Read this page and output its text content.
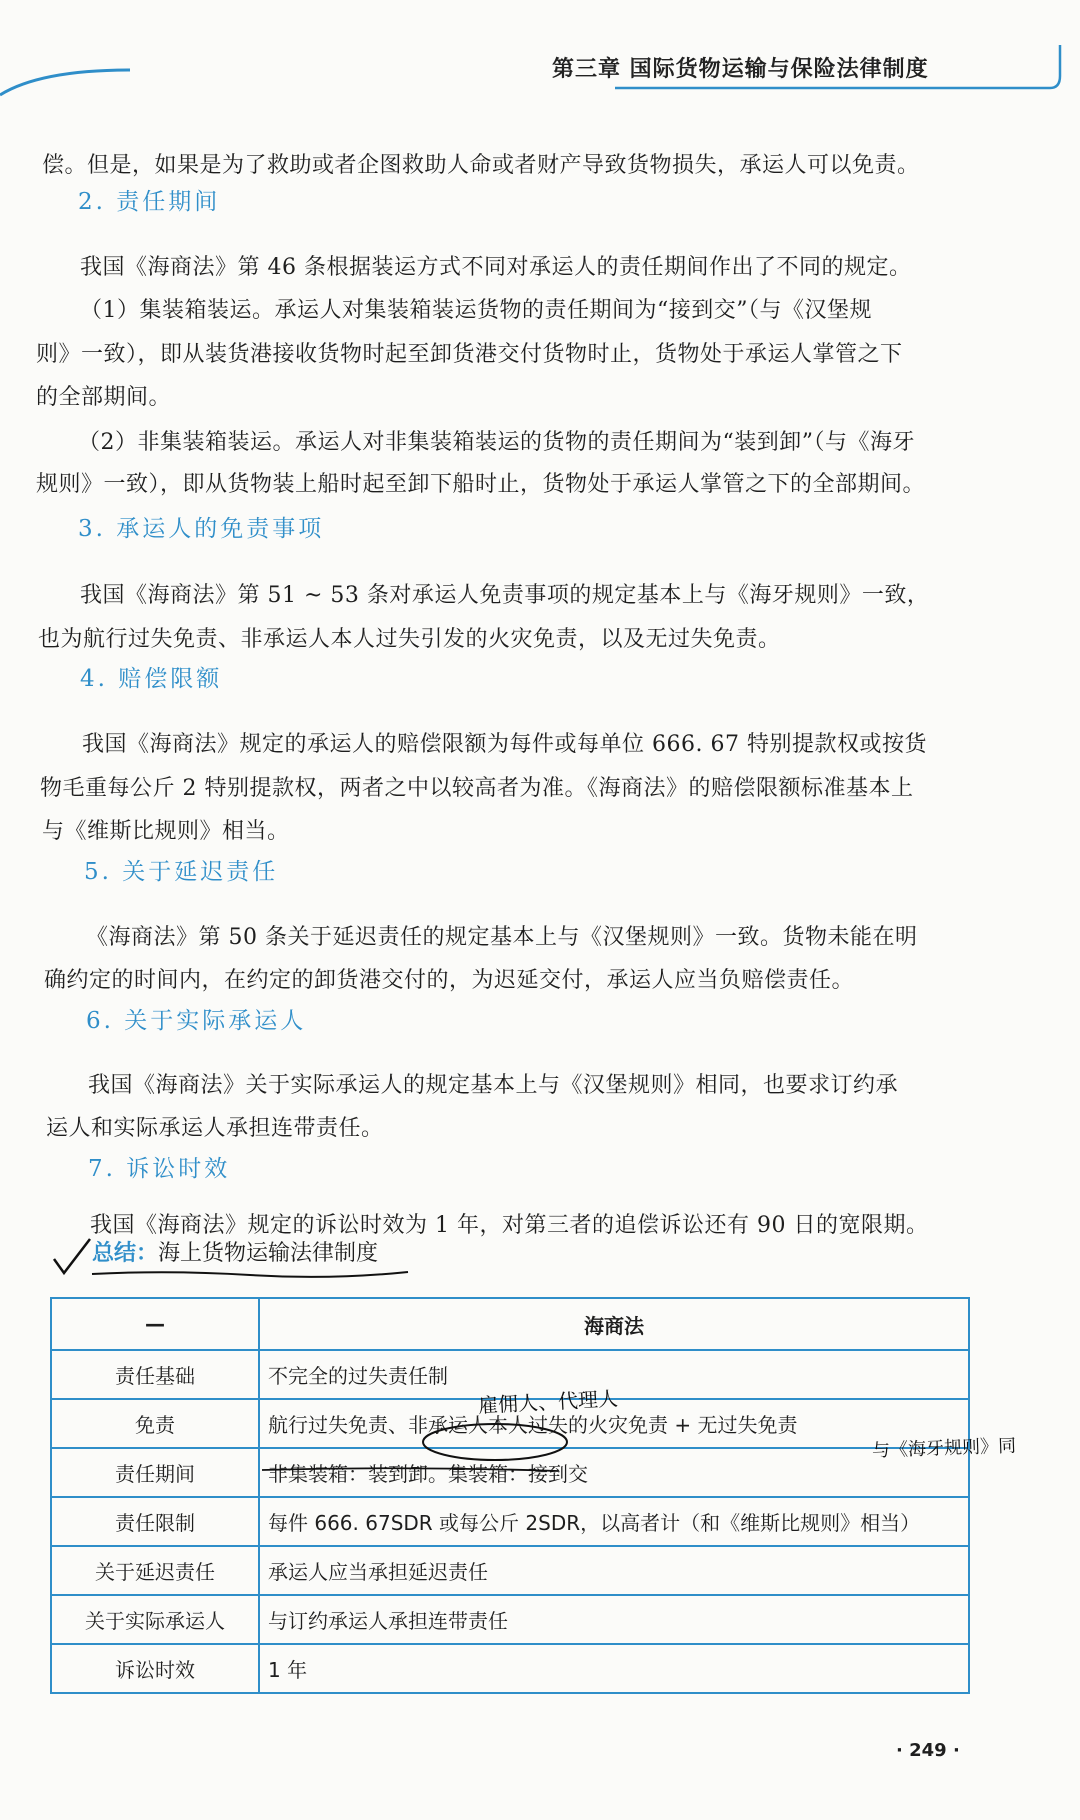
第三章 国际货物运输与保险法律制度
偿。但是，如果是为了救助或者企图救助人命或者财产导致货物损失，承运人可以免责。
2. 责任期间
我国《海商法》第 46 条根据装运方式不同对承运人的责任期间作出了不同的规定。
（1）集装箱装运。承运人对集装箱装运货物的责任期间为“接到交”（与《汉堡规
则》一致），即从装货港接收货物时起至卸货港交付货物时止，货物处于承运人掌管之下
的全部期间。
（2）非集装箱装运。承运人对非集装箱装运的货物的责任期间为“装到卸”（与《海牙
规则》一致），即从货物装上船时起至卸下船时止，货物处于承运人掌管之下的全部期间。
3. 承运人的免责事项
我国《海商法》第 51 ~ 53 条对承运人免责事项的规定基本上与《海牙规则》一致，
也为航行过失免责、非承运人本人过失引发的火灾免责，以及无过失免责。
4. 赔偿限额
我国《海商法》规定的承运人的赔偿限额为每件或每单位 666. 67 特别提款权或按货
物毛重每公斤 2 特别提款权，两者之中以较高者为准。《海商法》的赔偿限额标准基本上
与《维斯比规则》相当。
5. 关于延迟责任
《海商法》第 50 条关于延迟责任的规定基本上与《汉堡规则》一致。货物未能在明
确约定的时间内，在约定的卸货港交付的，为迟延交付，承运人应当负赔偿责任。
6. 关于实际承运人
我国《海商法》关于实际承运人的规定基本上与《汉堡规则》相同，也要求订约承
运人和实际承运人承担连带责任。
7. 诉讼时效
我国《海商法》规定的诉讼时效为 1 年，对第三者的追偿诉讼还有 90 日的宽限期。
总结：海上货物运输法律制度
—	海商法
责任基础	不完全的过失责任制
免责	航行过失免责、非承运人本人过失的火灾免责 + 无过失免责
责任期间	非集装箱：装到卸。集装箱：接到交
责任限制	每件 666. 67SDR 或每公斤 2SDR，以高者计（和《维斯比规则》相当）
关于延迟责任	承运人应当承担延迟责任
关于实际承运人	与订约承运人承担连带责任
诉讼时效	1 年
雇佣人、代理人
与《海牙规则》同
· 249 ·
